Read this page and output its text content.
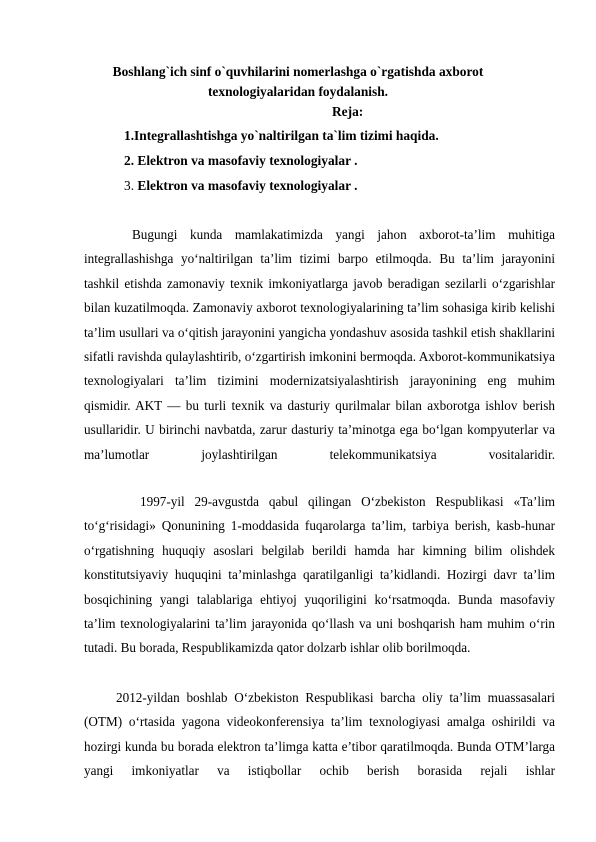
Boshlang`ich sinf o`quvhilarini nomerlashga o`rgatishda axborot
texnologiyalaridan foydalanish.
Reja:
1.Integrallashtishga yo`naltirilgan ta`lim tizimi haqida.
2. Elektron va masofaviy texnologiyalar .
3. Elektron va masofaviy texnologiyalar .

Bugungi kunda mamlakatimizda yangi jahon axborot-ta’lim muhitiga integrallashishga yo‘naltirilgan ta’lim tizimi barpo etilmoqda. Bu ta’lim jarayonini tashkil etishda zamonaviy texnik imkoniyatlarga javob beradigan sezilarli o‘zgarishlar bilan kuzatilmoqda. Zamonaviy axborot texnologiyalarining ta’lim sohasiga kirib kelishi ta’lim usullari va o‘qitish jarayonini yangicha yondashuv asosida tashkil etish shakllarini sifatli ravishda qulaylashtirib, o‘zgartirish imkonini bermoqda. Axborot-kommunikatsiya texnologiyalari ta’lim tizimini modernizatsiyalashtirish jarayonining eng muhim qismidir. AKT — bu turli texnik va dasturiy qurilmalar bilan axborotga ishlov berish usullaridir. U birinchi navbatda, zarur dasturiy ta’minotga ega bo‘lgan kompyuterlar va ma’lumotlar joylashtirilgan telekommunikatsiya vositalaridir.

1997-yil 29-avgustda qabul qilingan O‘zbekiston Respublikasi «Ta’lim to‘g‘risidagi» Qonunining 1-moddasida fuqarolarga ta’lim, tarbiya berish, kasb-hunar o‘rgatishning huquqiy asoslari belgilab berildi hamda har kimning bilim olishdek konstitutsiyaviy huquqini ta’minlashga qaratilganligi ta’kidlandi. Hozirgi davr ta’lim bosqichining yangi talablariga ehtiyoj yuqoriligini ko‘rsatmoqda. Bunda masofaviy ta’lim texnologiyalarini ta’lim jarayonida qo‘llash va uni boshqarish ham muhim o‘rin tutadi. Bu borada, Respublikamizda qator dolzarb ishlar olib borilmoqda.

2012-yildan boshlab O‘zbekiston Respublikasi barcha oliy ta’lim muassasalari (OTM) o‘rtasida yagona videokonferensiya ta’lim texnologiyasi amalga oshirildi va hozirgi kunda bu borada elektron ta’limga katta e’tibor qaratilmoqda. Bunda OTM’larga yangi imkoniyatlar va istiqbollar ochib berish borasida rejali ishlar
